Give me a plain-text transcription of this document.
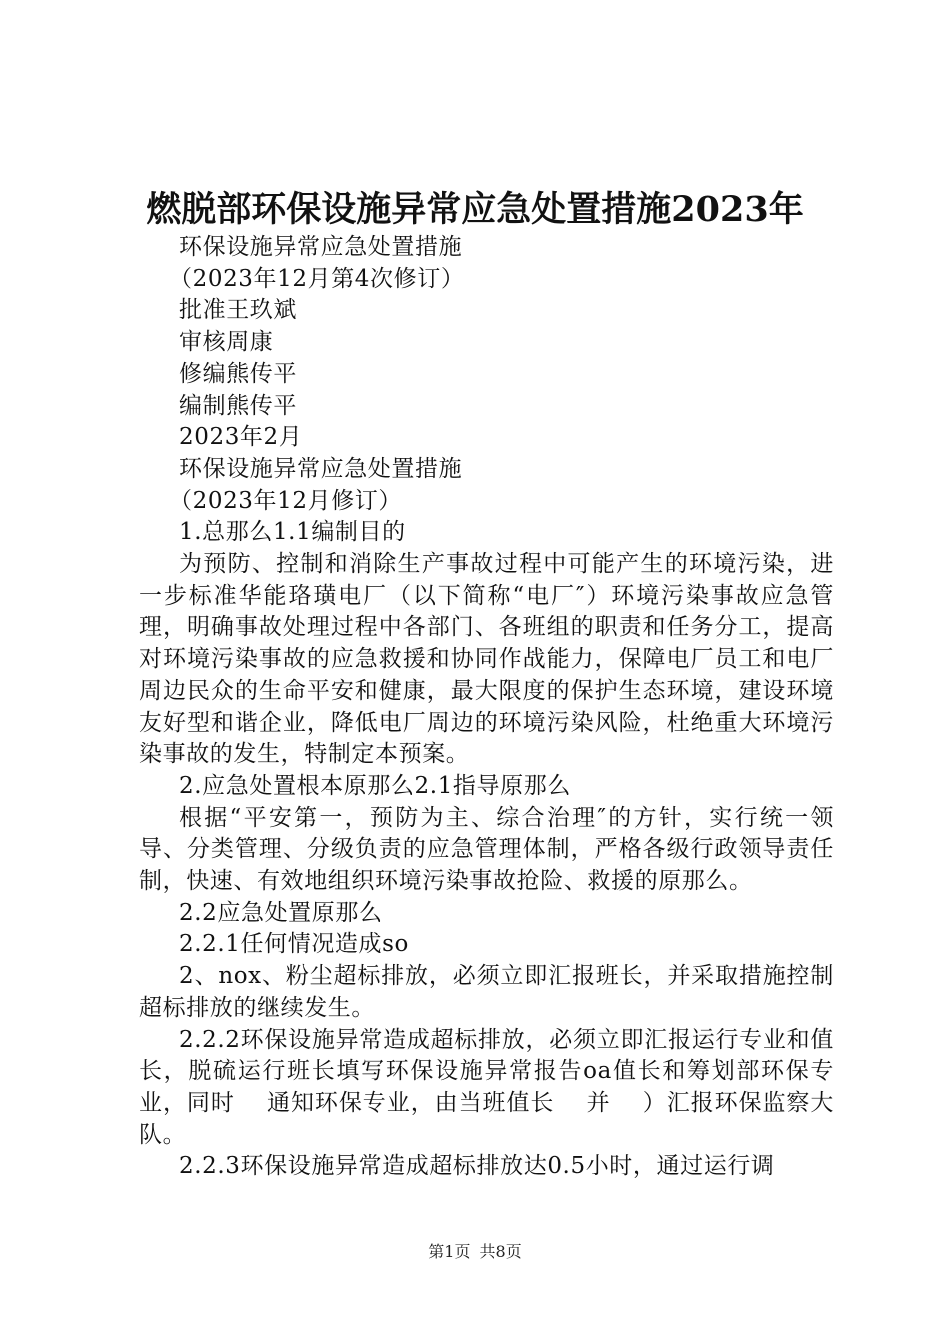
燃脱部环保设施异常应急处置措施2023年

环保设施异常应急处置措施

（2023年12月第4次修订）

批准王玖斌

审核周康

修编熊传平

编制熊传平

2023年2月

环保设施异常应急处置措施

（2023年12月修订）

1.总那么1.1编制目的

为预防、控制和消除生产事故过程中可能产生的环境污染，进一步标准华能珞璜电厂（以下简称“电厂″）环境污染事故应急管理，明确事故处理过程中各部门、各班组的职责和任务分工，提高对环境污染事故的应急救援和协同作战能力，保障电厂员工和电厂周边民众的生命平安和健康，最大限度的保护生态环境，建设环境友好型和谐企业，降低电厂周边的环境污染风险，杜绝重大环境污染事故的发生，特制定本预案。

2.应急处置根本原那么2.1指导原那么

根据“平安第一，预防为主、综合治理″的方针，实行统一领导、分类管理、分级负责的应急管理体制，严格各级行政领导责任制，快速、有效地组织环境污染事故抢险、救援的原那么。

2.2应急处置原那么

2.2.1任何情况造成so

2、nox、粉尘超标排放，必须立即汇报班长，并采取措施控制超标排放的继续发生。

2.2.2环保设施异常造成超标排放，必须立即汇报运行专业和值长，脱硫运行班长填写环保设施异常报告oa值长和筹划部环保专业，同时　 通知环保专业，由当班值长　 并　 ）汇报环保监察大队。

2.2.3环保设施异常造成超标排放达0.5小时，通过运行调

第1页 共8页
